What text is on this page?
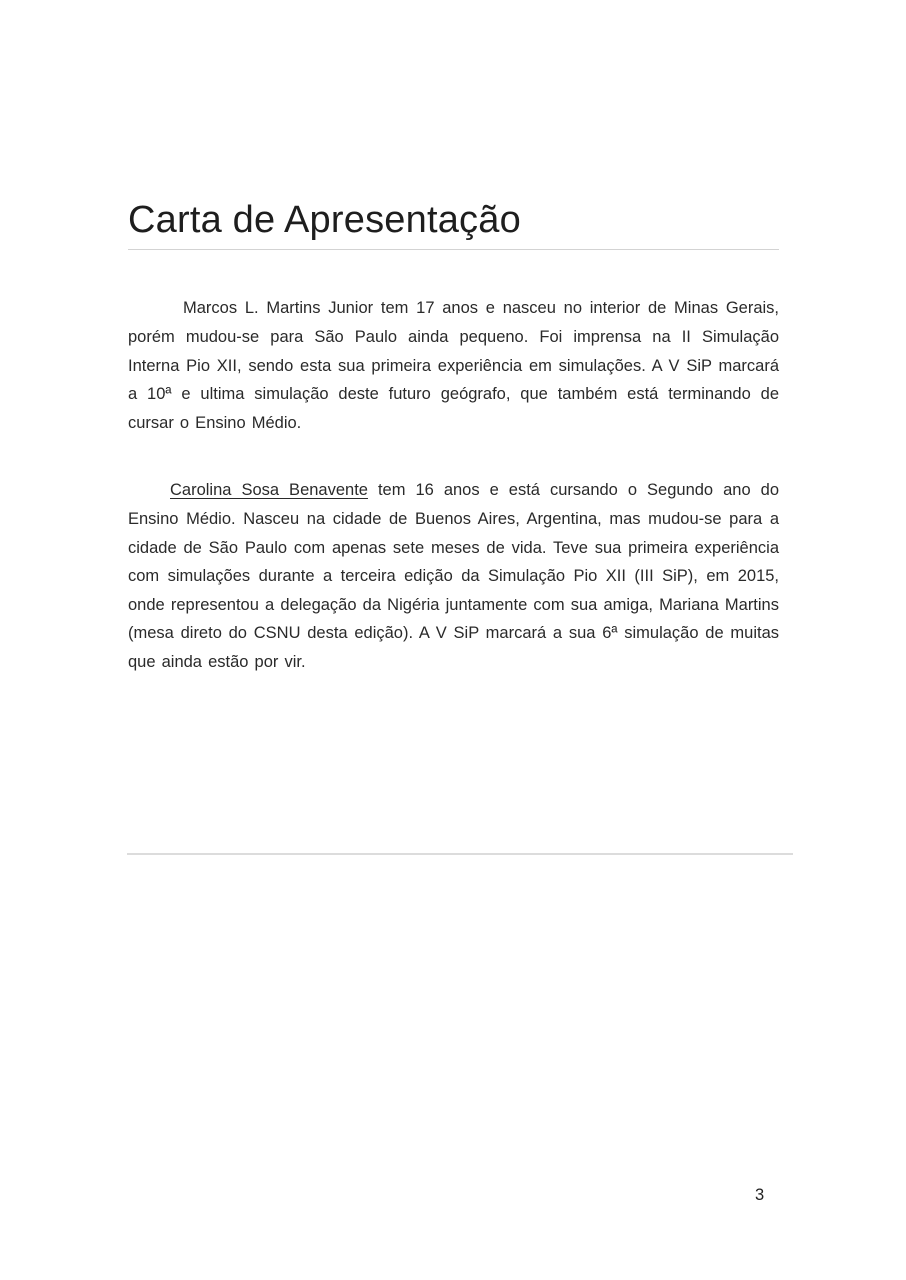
Carta de Apresentação

Marcos L. Martins Junior tem 17 anos e nasceu no interior de Minas Gerais, porém mudou-se para São Paulo ainda pequeno. Foi imprensa na II Simulação Interna Pio XII, sendo esta sua primeira experiência em simulações. A V SiP marcará a 10ª e ultima simulação deste futuro geógrafo, que também está terminando de cursar o Ensino Médio.

Carolina Sosa Benavente tem 16 anos e está cursando o Segundo ano do Ensino Médio. Nasceu na cidade de Buenos Aires, Argentina, mas mudou-se para a cidade de São Paulo com apenas sete meses de vida. Teve sua primeira experiência com simulações durante a terceira edição da Simulação Pio XII (III SiP), em 2015, onde representou a delegação da Nigéria juntamente com sua amiga, Mariana Martins (mesa direto do CSNU desta edição). A V SiP marcará a sua 6ª simulação de muitas que ainda estão por vir.

3
